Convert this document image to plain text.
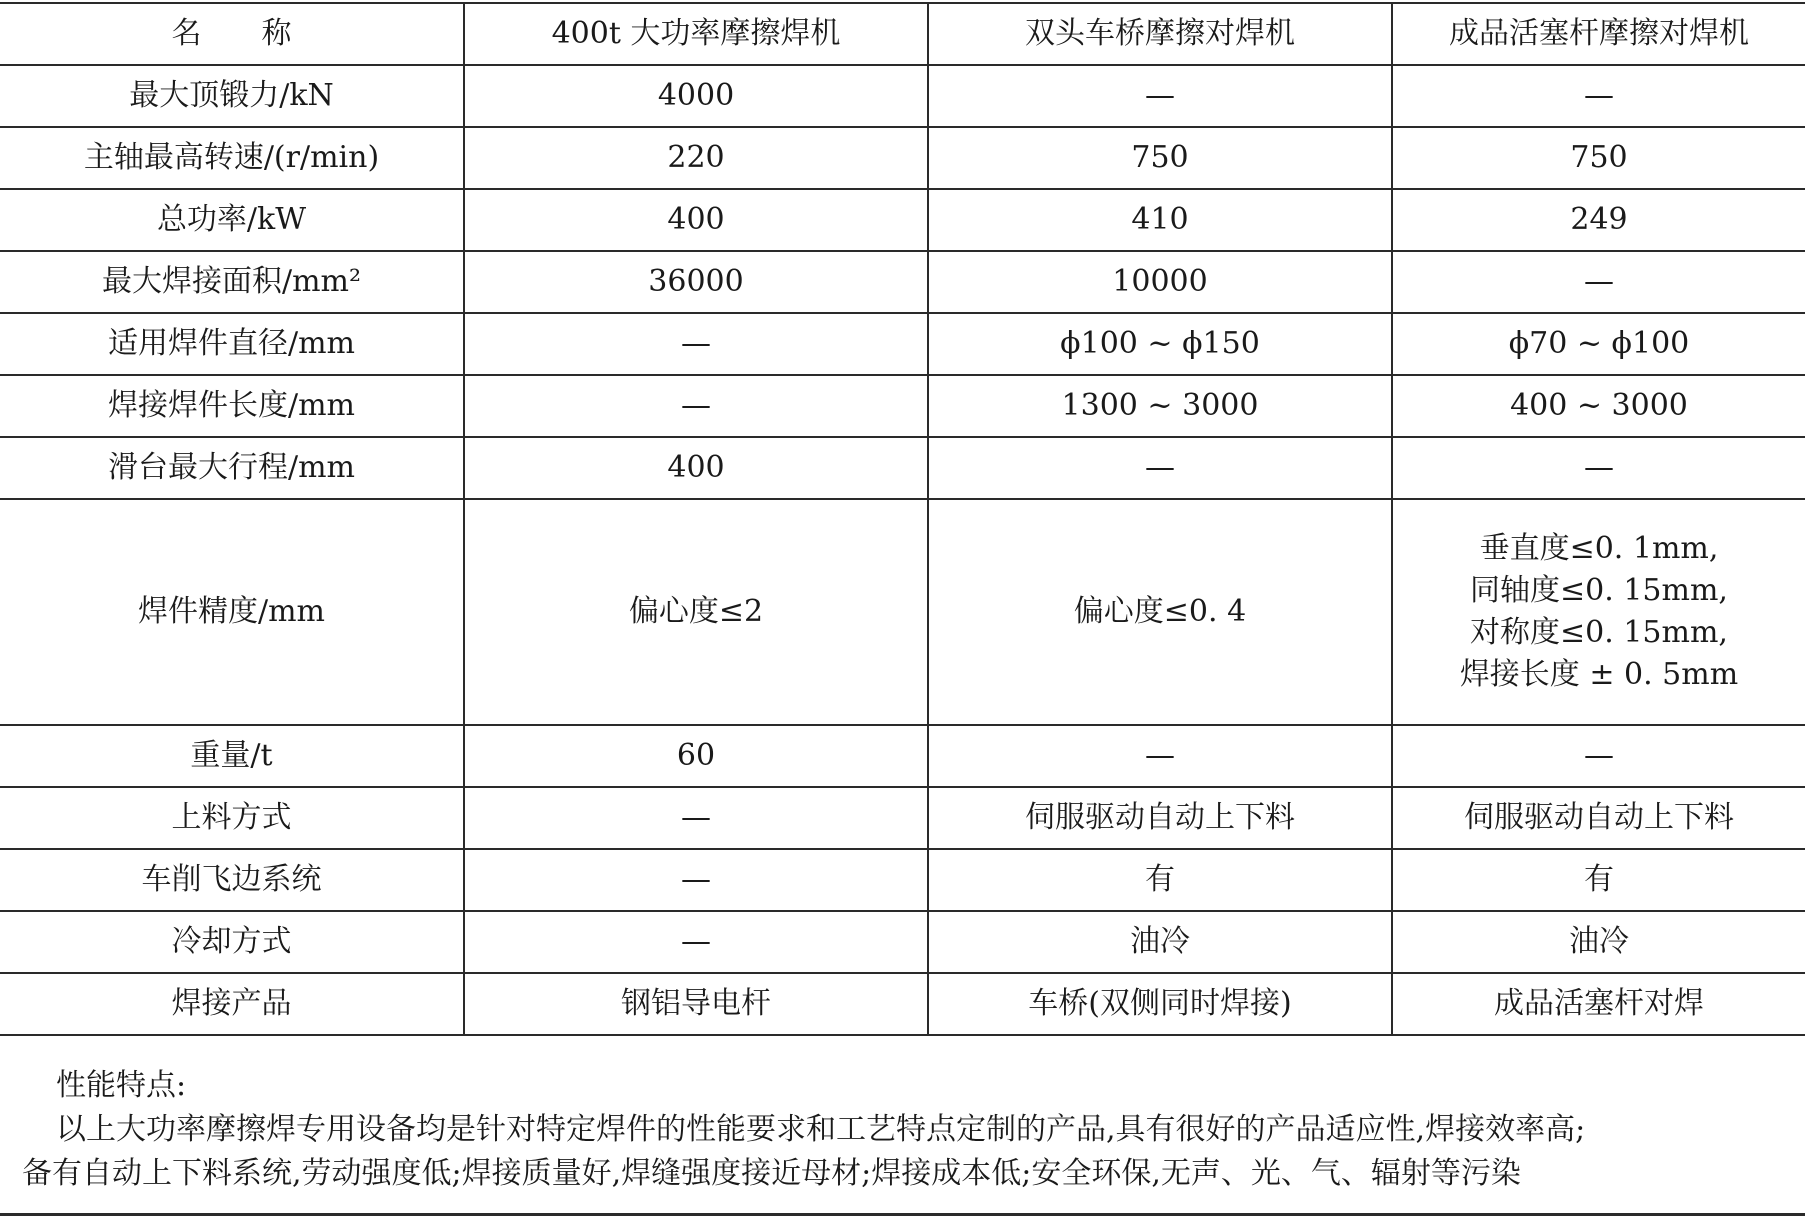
名　　称	400t 大功率摩擦焊机	双头车桥摩擦对焊机	成品活塞杆摩擦对焊机
最大顶锻力/kN	4000	—	—
主轴最高转速/(r/min)	220	750	750
总功率/kW	400	410	249
最大焊接面积/mm²	36000	10000	—
适用焊件直径/mm	—	ϕ100 ~ ϕ150	ϕ70 ~ ϕ100
焊接焊件长度/mm	—	1300 ~ 3000	400 ~ 3000
滑台最大行程/mm	400	—	—
焊件精度/mm	偏心度≤2	偏心度≤0. 4	垂直度≤0. 1mm,
同轴度≤0. 15mm,
对称度≤0. 15mm,
焊接长度 ± 0. 5mm

重量/t	60	—	—
上料方式	—	伺服驱动自动上下料	伺服驱动自动上下料
车削飞边系统	—	有	有
冷却方式	—	油冷	油冷
焊接产品	钢铝导电杆	车桥(双侧同时焊接)	成品活塞杆对焊
性能特点:
以上大功率摩擦焊专用设备均是针对特定焊件的性能要求和工艺特点定制的产品,具有很好的产品适应性,焊接效率高;
备有自动上下料系统,劳动强度低;焊接质量好,焊缝强度接近母材;焊接成本低;安全环保,无声、光、气、辐射等污染
